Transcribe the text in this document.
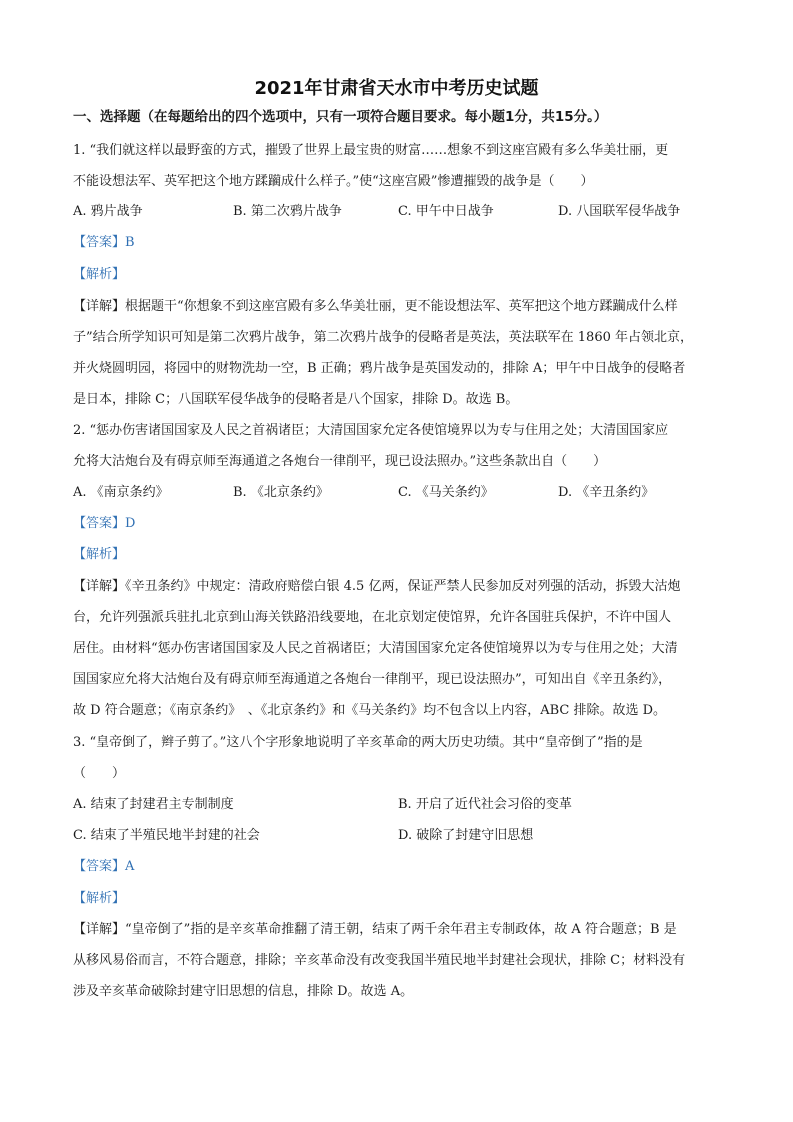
2021年甘肃省天水市中考历史试题
一、选择题（在每题给出的四个选项中，只有一项符合题目要求。每小题1分，共15分。）
1. “我们就这样以最野蛮的方式，摧毁了世界上最宝贵的财富……想象不到这座宫殿有多么华美壮丽，更
不能设想法军、英军把这个地方蹂躏成什么样子。”使“这座宫殿”惨遭摧毁的战争是（　　）
A. 鸦片战争	B. 第二次鸦片战争	C. 甲午中日战争	D. 八国联军侵华战争
【答案】B
【解析】
【详解】根据题干“你想象不到这座宫殿有多么华美壮丽，更不能设想法军、英军把这个地方蹂躏成什么样
子”结合所学知识可知是第二次鸦片战争，第二次鸦片战争的侵略者是英法，英法联军在 1860 年占领北京，
并火烧圆明园，将园中的财物洗劫一空，B 正确；鸦片战争是英国发动的，排除 A；甲午中日战争的侵略者
是日本，排除 C；八国联军侵华战争的侵略者是八个国家，排除 D。故选 B。
2. “惩办伤害诸国国家及人民之首祸诸臣；大清国国家允定各使馆境界以为专与住用之处；大清国国家应
允将大沽炮台及有碍京师至海通道之各炮台一律削平，现已设法照办。”这些条款出自（　　）
A. 《南京条约》	B. 《北京条约》	C. 《马关条约》	D. 《辛丑条约》
【答案】D
【解析】
【详解】《辛丑条约》中规定：清政府赔偿白银 4.5 亿两，保证严禁人民参加反对列强的活动，拆毁大沽炮
台，允许列强派兵驻扎北京到山海关铁路沿线要地，在北京划定使馆界，允许各国驻兵保护，不许中国人
居住。由材料“惩办伤害诸国国家及人民之首祸诸臣；大清国国家允定各使馆境界以为专与住用之处；大清
国国家应允将大沽炮台及有碍京师至海通道之各炮台一律削平，现已设法照办”，可知出自《辛丑条约》，
故 D 符合题意；《南京条约》　、《北京条约》和《马关条约》均不包含以上内容，ABC 排除。故选 D。
3. “皇帝倒了，辫子剪了。”这八个字形象地说明了辛亥革命的两大历史功绩。其中“皇帝倒了”指的是
（　　）
A. 结束了封建君主专制制度	B. 开启了近代社会习俗的变革
C. 结束了半殖民地半封建的社会	D. 破除了封建守旧思想
【答案】A
【解析】
【详解】“皇帝倒了”指的是辛亥革命推翻了清王朝，结束了两千余年君主专制政体，故 A 符合题意；B 是
从移风易俗而言，不符合题意，排除；辛亥革命没有改变我国半殖民地半封建社会现状，排除 C；材料没有
涉及辛亥革命破除封建守旧思想的信息，排除 D。故选 A。
